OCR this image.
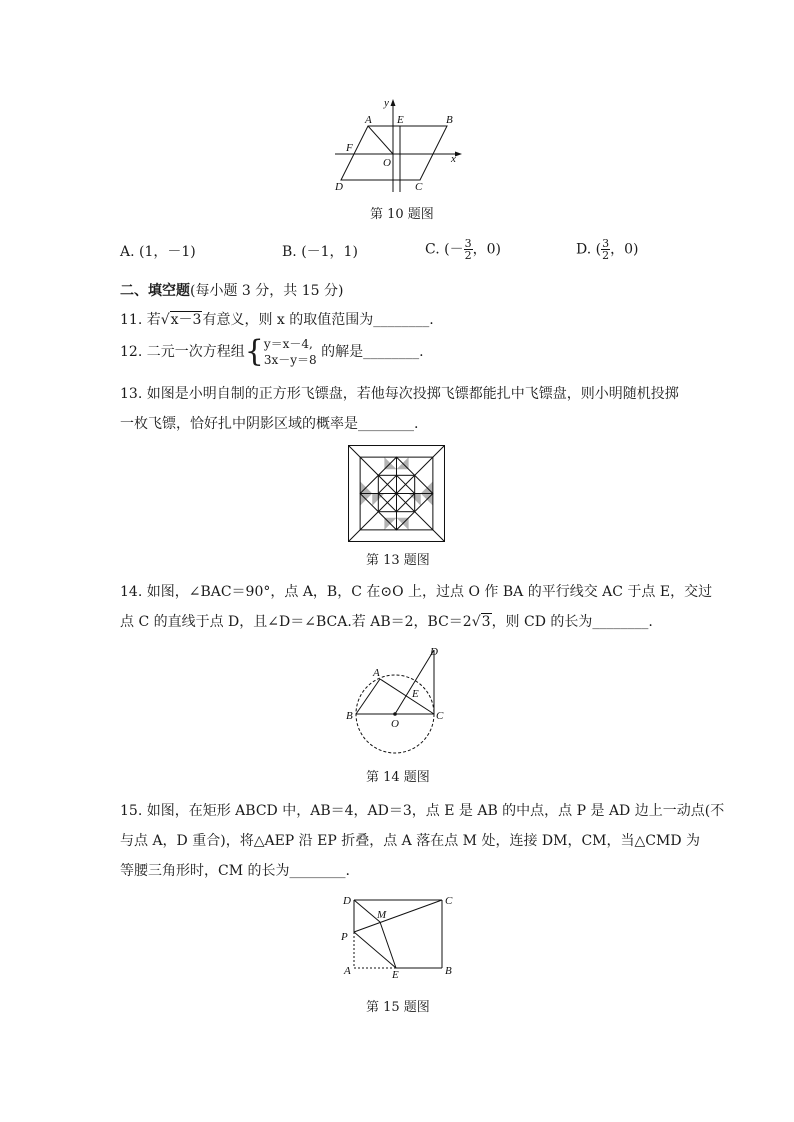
y
x
A E	B
F
O
D	C
第 10 题图
A. (1，－1)	B. (－1，1)	C. (－ $\frac{3}{2}$ ，0)	D. ( $\frac{3}{2}$ ，0)
二、填空题(每小题 3 分，共 15 分)
11. 若√x－3有意义，则 x 的取值范围为________.
12. 二元一次方程组{ y＝x－4,
3x－y＝8 的解是________.
13. 如图是小明自制的正方形飞镖盘，若他每次投掷飞镖都能扎中飞镖盘，则小明随机投掷
一枚飞镖，恰好扎中阴影区域的概率是________.
第 13 题图
14. 如图，∠BAC＝90°，点 A，B，C 在⊙O 上，过点 O 作 BA 的平行线交 AC 于点 E，交过
点 C 的直线于点 D，且∠D＝∠BCA.若 AB＝2，BC＝2√3，则 CD 的长为________.
A
B	C
D
E
O
第 14 题图
15. 如图，在矩形 ABCD 中，AB＝4，AD＝3，点 E 是 AB 的中点，点 P 是 AD 边上一动点(不
与点 A，D 重合)，将△AEP 沿 EP 折叠，点 A 落在点 M 处，连接 DM，CM，当△CMD 为
等腰三角形时，CM 的长为________.
D	C
M
P
A	E	B
第 15 题图
